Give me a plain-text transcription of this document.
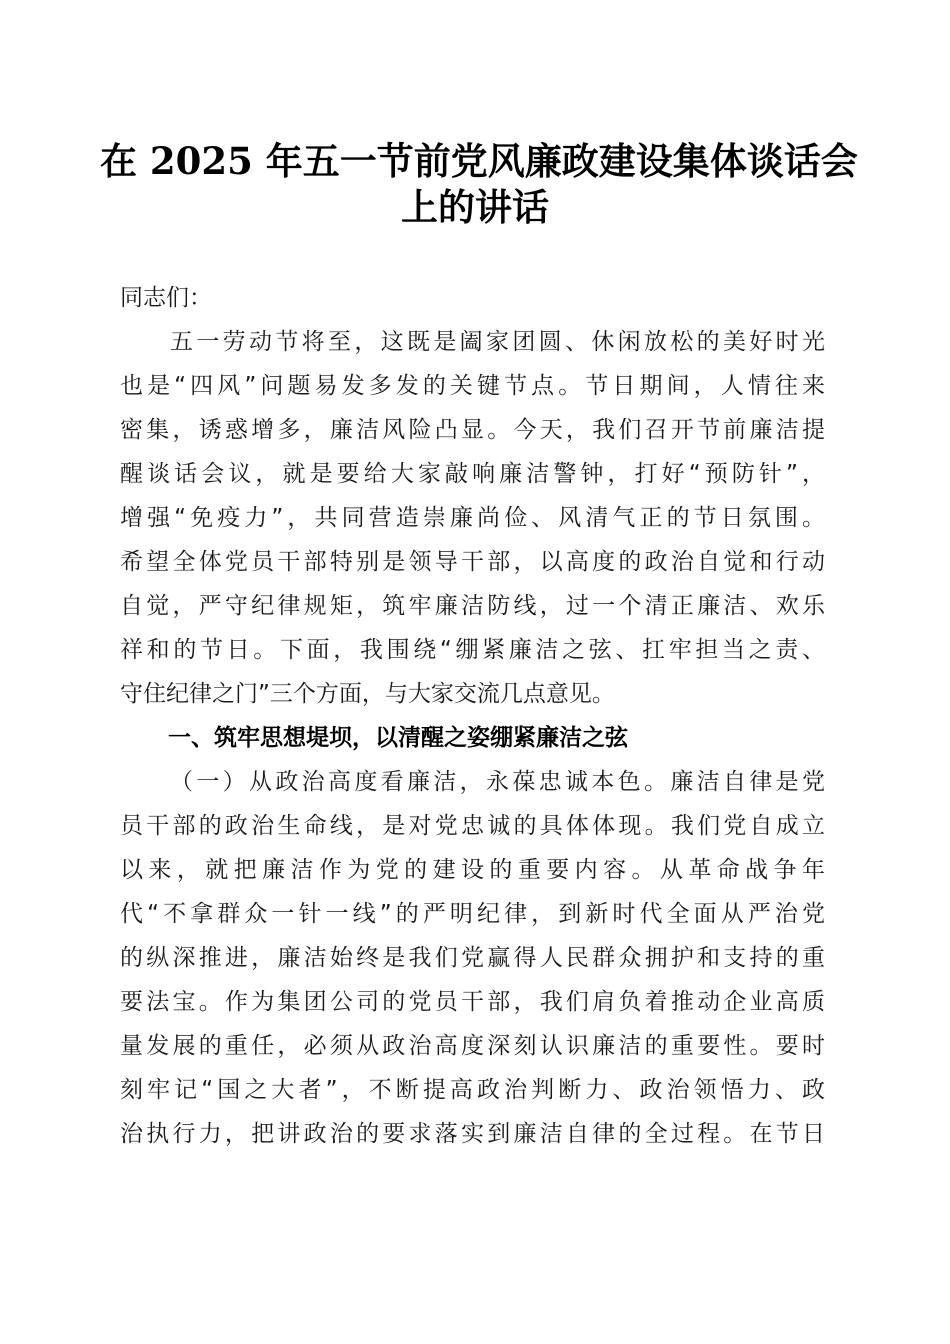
在 2025 年五一节前党风廉政建设集体谈话会
上的讲话

同志们：

五一劳动节将至，这既是阖家团圆、休闲放松的美好时光

也是“四风”问题易发多发的关键节点。节日期间，人情往来

密集，诱惑增多，廉洁风险凸显。今天，我们召开节前廉洁提

醒谈话会议，就是要给大家敲响廉洁警钟，打好“预防针”，

增强“免疫力”，共同营造崇廉尚俭、风清气正的节日氛围。

希望全体党员干部特别是领导干部，以高度的政治自觉和行动

自觉，严守纪律规矩，筑牢廉洁防线，过一个清正廉洁、欢乐

祥和的节日。下面，我围绕“绷紧廉洁之弦、扛牢担当之责、

守住纪律之门”三个方面，与大家交流几点意见。

一、筑牢思想堤坝，以清醒之姿绷紧廉洁之弦

（一）从政治高度看廉洁，永葆忠诚本色。廉洁自律是党

员干部的政治生命线，是对党忠诚的具体体现。我们党自成立

以来，就把廉洁作为党的建设的重要内容。从革命战争年

代“不拿群众一针一线”的严明纪律，到新时代全面从严治党

的纵深推进，廉洁始终是我们党赢得人民群众拥护和支持的重

要法宝。作为集团公司的党员干部，我们肩负着推动企业高质

量发展的重任，必须从政治高度深刻认识廉洁的重要性。要时

刻牢记“国之大者”，不断提高政治判断力、政治领悟力、政

治执行力，把讲政治的要求落实到廉洁自律的全过程。在节日
